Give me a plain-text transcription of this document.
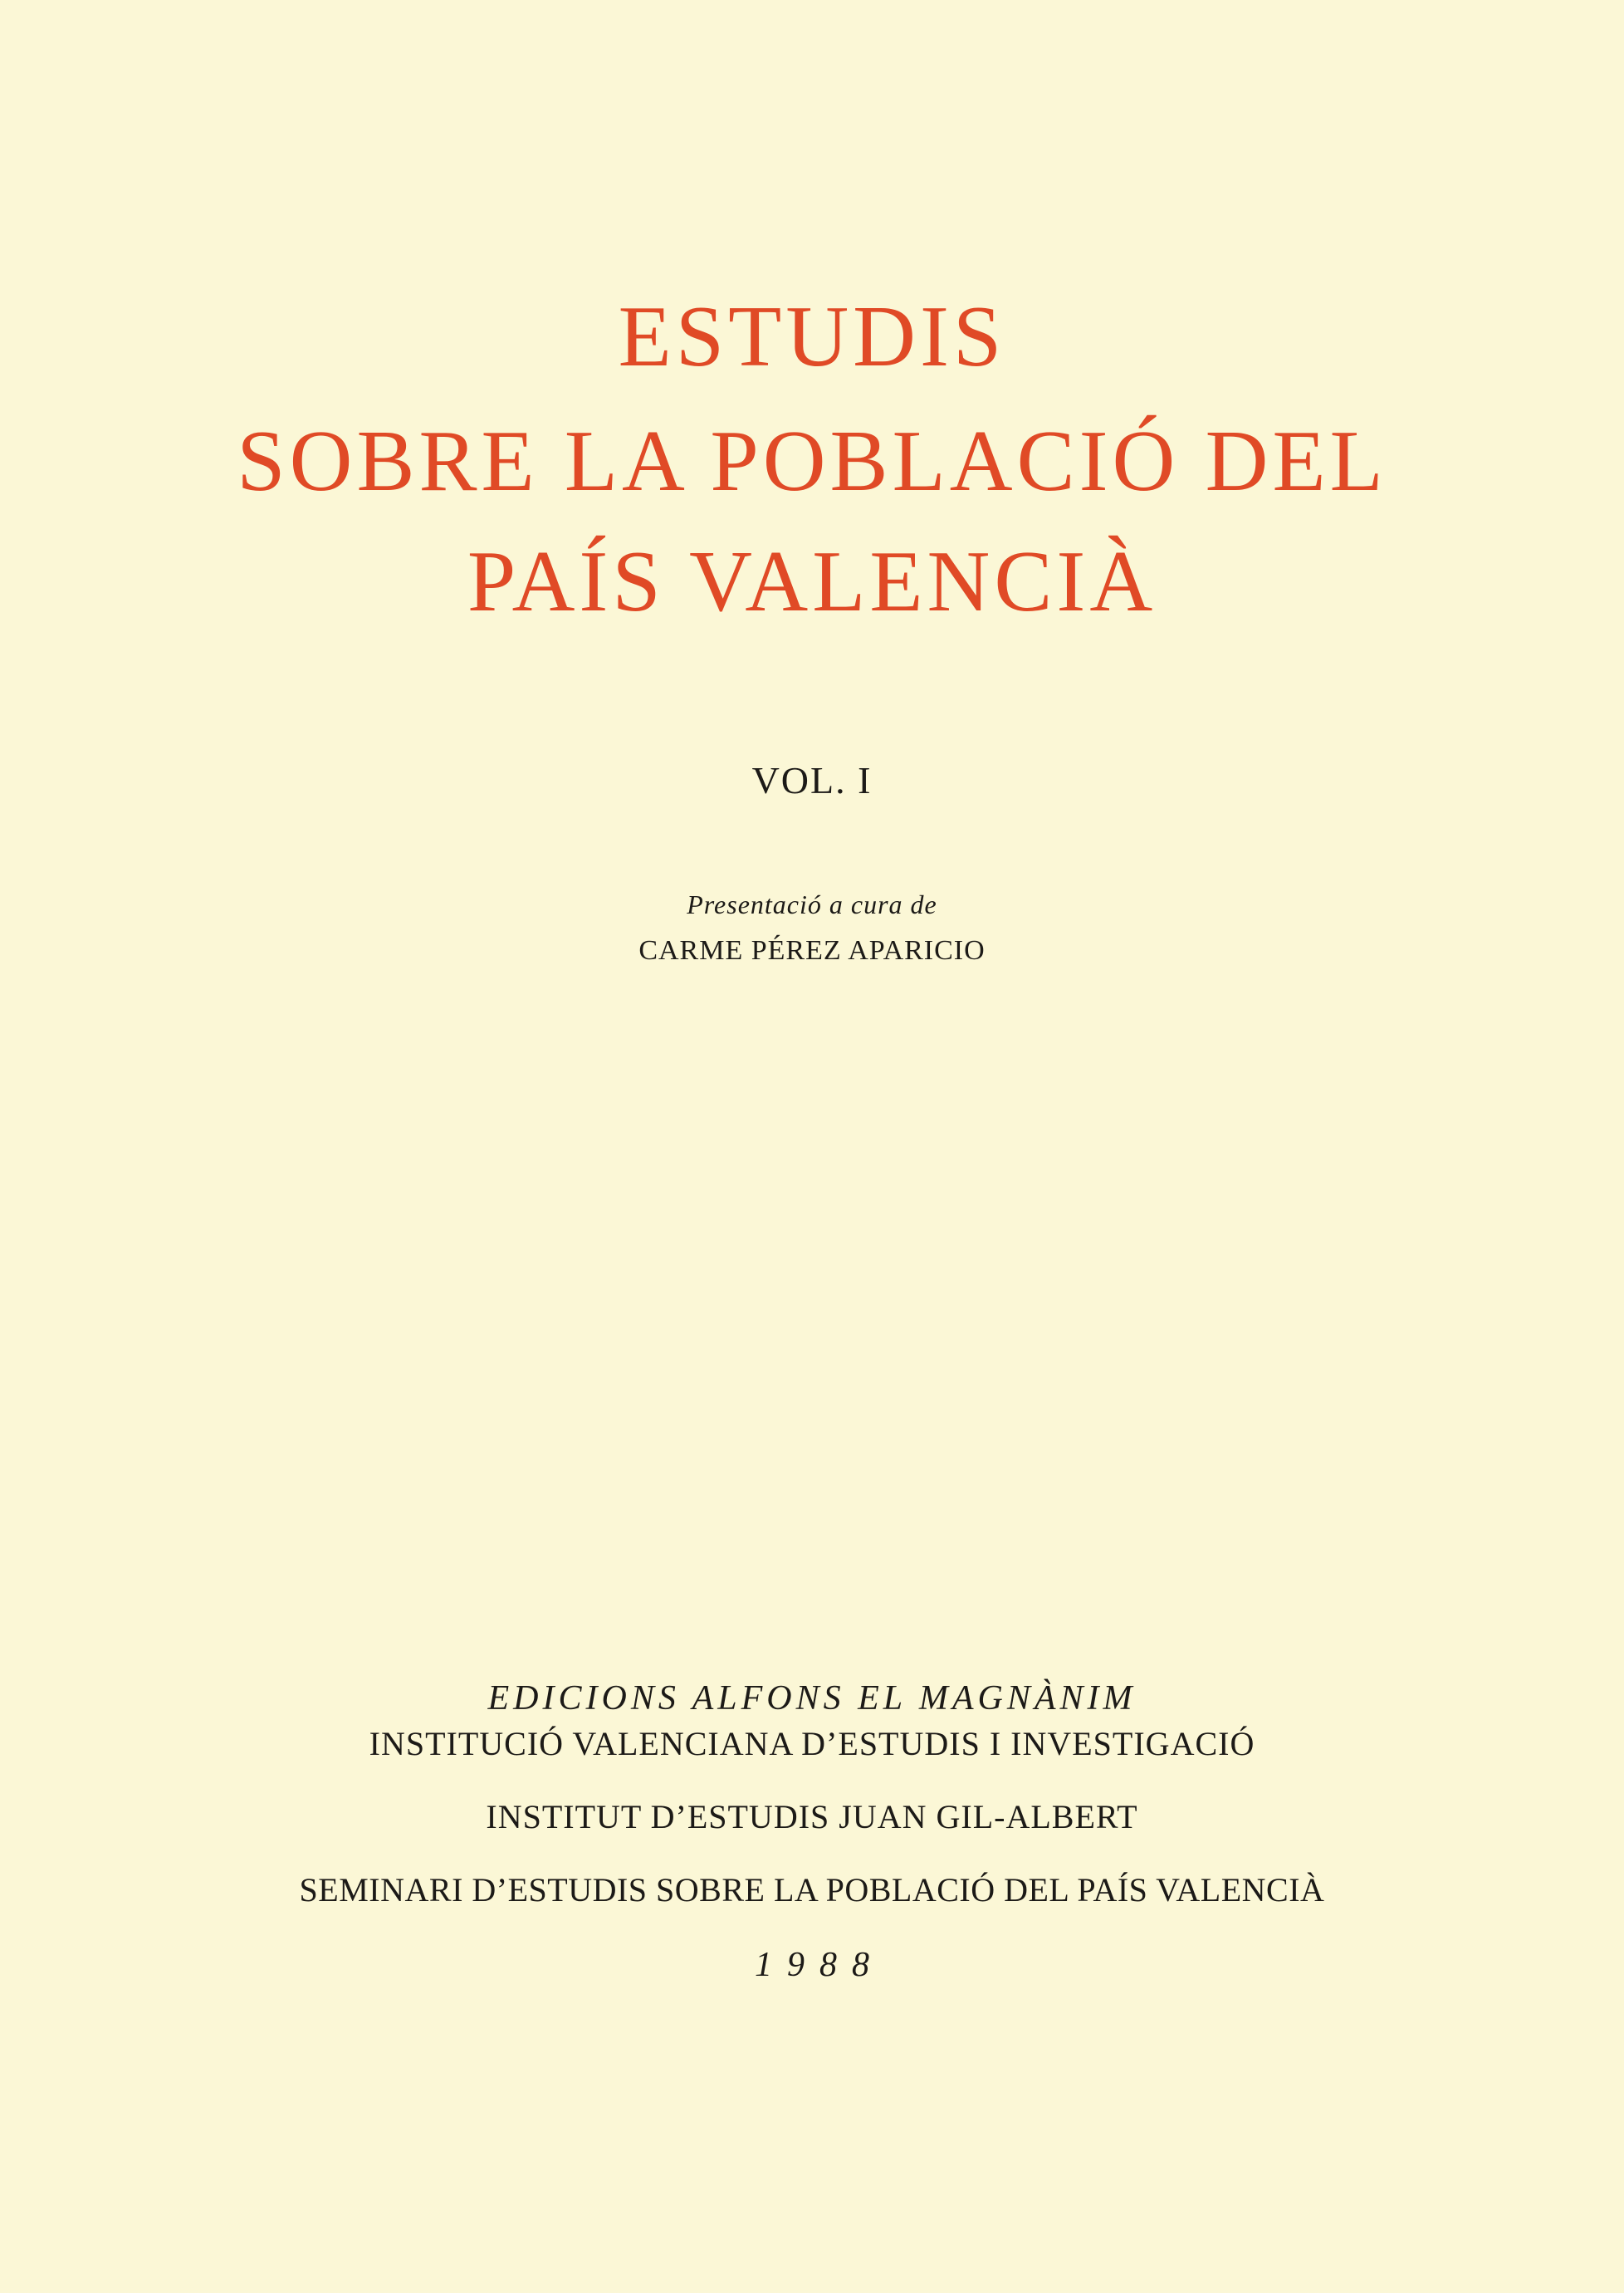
ESTUDIS
SOBRE LA POBLACIÓ DEL
PAÍS VALENCIÀ
VOL. I
Presentació a cura de
CARME PÉREZ APARICIO
EDICIONS ALFONS EL MAGNÀNIM
INSTITUCIÓ VALENCIANA D’ESTUDIS I INVESTIGACIÓ
INSTITUT D’ESTUDIS JUAN GIL-ALBERT
SEMINARI D’ESTUDIS SOBRE LA POBLACIÓ DEL PAÍS VALENCIÀ
1988
